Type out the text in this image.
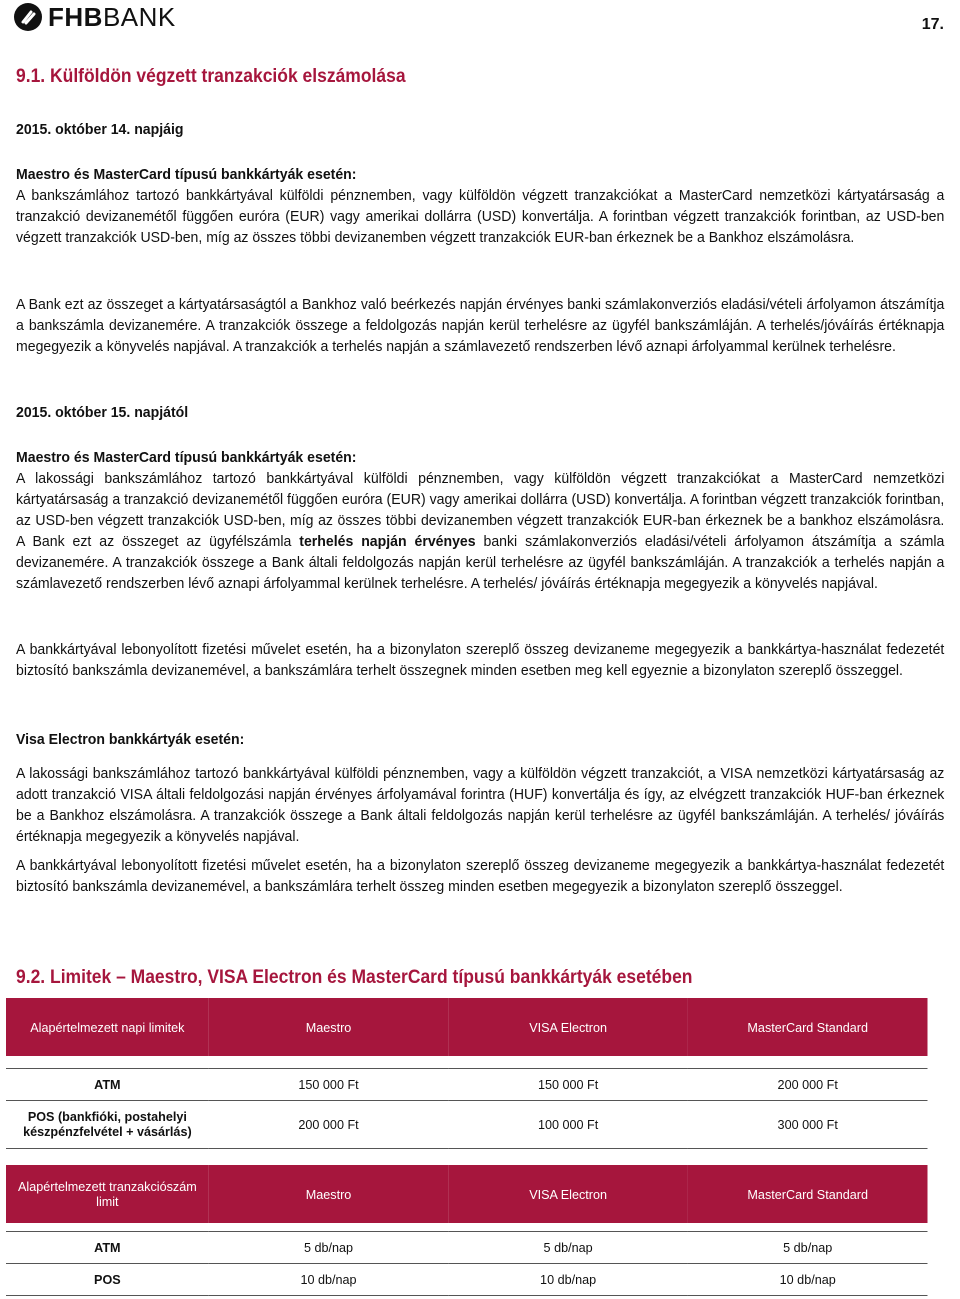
FHBBANK	17.
9.1. Külföldön végzett tranzakciók elszámolása
2015. október 14. napjáig

Maestro és MasterCard típusú bankkártyák esetén:

A bankszámlához tartozó bankkártyával külföldi pénznemben, vagy külföldön végzett tranzakciókat a MasterCard nemzetközi kártyatársaság a tranzakció devizanemétől függően euróra (EUR) vagy amerikai dollárra (USD) konvertálja. A forintban végzett tranzakciók forintban, az USD-ben végzett tranzakciók USD-ben, míg az összes többi devizanemben végzett tranzakciók EUR-ban érkeznek be a Bankhoz elszámolásra.

A Bank ezt az összeget a kártyatársaságtól a Bankhoz való beérkezés napján érvényes banki számlakonverziós eladási/vételi árfolyamon átszámítja a bankszámla devizanemére. A tranzakciók összege a feldolgozás napján kerül terhelésre az ügyfél bankszámláján. A terhelés/jóváírás értéknapja megegyezik a könyvelés napjával. A tranzakciók a terhelés napján a számlavezető rendszerben lévő aznapi árfolyammal kerülnek terhelésre.
2015. október 15. napjától

Maestro és MasterCard típusú bankkártyák esetén:

A lakossági bankszámlához tartozó bankkártyával külföldi pénznemben, vagy külföldön végzett tranzakciókat a MasterCard nemzetközi kártyatársaság a tranzakció devizanemétől függően euróra (EUR) vagy amerikai dollárra (USD) konvertálja. A forintban végzett tranzakciók forintban, az USD-ben végzett tranzakciók USD-ben, míg az összes többi devizanemben végzett tranzakciók EUR-ban érkeznek be a bankhoz elszámolásra. A Bank ezt az összeget az ügyfélszámla terhelés napján érvényes banki számlakonverziós eladási/vételi árfolyamon átszámítja a számla devizanemére. A tranzakciók összege a Bank általi feldolgozás napján kerül terhelésre az ügyfél bankszámláján. A tranzakciók a terhelés napján a számlavezető rendszerben lévő aznapi árfolyammal kerülnek terhelésre. A terhelés/ jóváírás értéknapja megegyezik a könyvelés napjával.

A bankkártyával lebonyolított fizetési művelet esetén, ha a bizonylaton szereplő összeg devizaneme megegyezik a bankkártya-használat fedezetét biztosító bankszámla devizanemével, a bankszámlára terhelt összegnek minden esetben meg kell egyeznie a bizonylaton szereplő összeggel.
Visa Electron bankkártyák esetén:
A lakossági bankszámlához tartozó bankkártyával külföldi pénznemben, vagy a külföldön végzett tranzakciót, a VISA nemzetközi kártyatársaság az adott tranzakció VISA általi feldolgozási napján érvényes árfolyamával forintra (HUF) konvertálja és így, az elvégzett tranzakciók HUF-ban érkeznek be a Bankhoz elszámolásra. A tranzakciók összege a Bank általi feldolgozás napján kerül terhelésre az ügyfél bankszámláján. A terhelés/ jóváírás értéknapja megegyezik a könyvelés napjával.
A bankkártyával lebonyolított fizetési művelet esetén, ha a bizonylaton szereplő összeg devizaneme megegyezik a bankkártya-használat fedezetét biztosító bankszámla devizanemével, a bankszámlára terhelt összeg minden esetben megegyezik a bizonylaton szereplő összeggel.
9.2. Limitek – Maestro, VISA Electron és MasterCard típusú bankkártyák esetében
Alapértelmezett napi limitek	Maestro	VISA Electron	MasterCard Standard

ATM	150 000 Ft	150 000 Ft	200 000 Ft
POS (bankfióki, postahelyi készpénzfelvétel + vásárlás)	200 000 Ft	100 000 Ft	300 000 Ft
Alapértelmezett tranzakciószám limit	Maestro	VISA Electron	MasterCard Standard

ATM	5 db/nap	5 db/nap	5 db/nap
POS	10 db/nap	10 db/nap	10 db/nap
